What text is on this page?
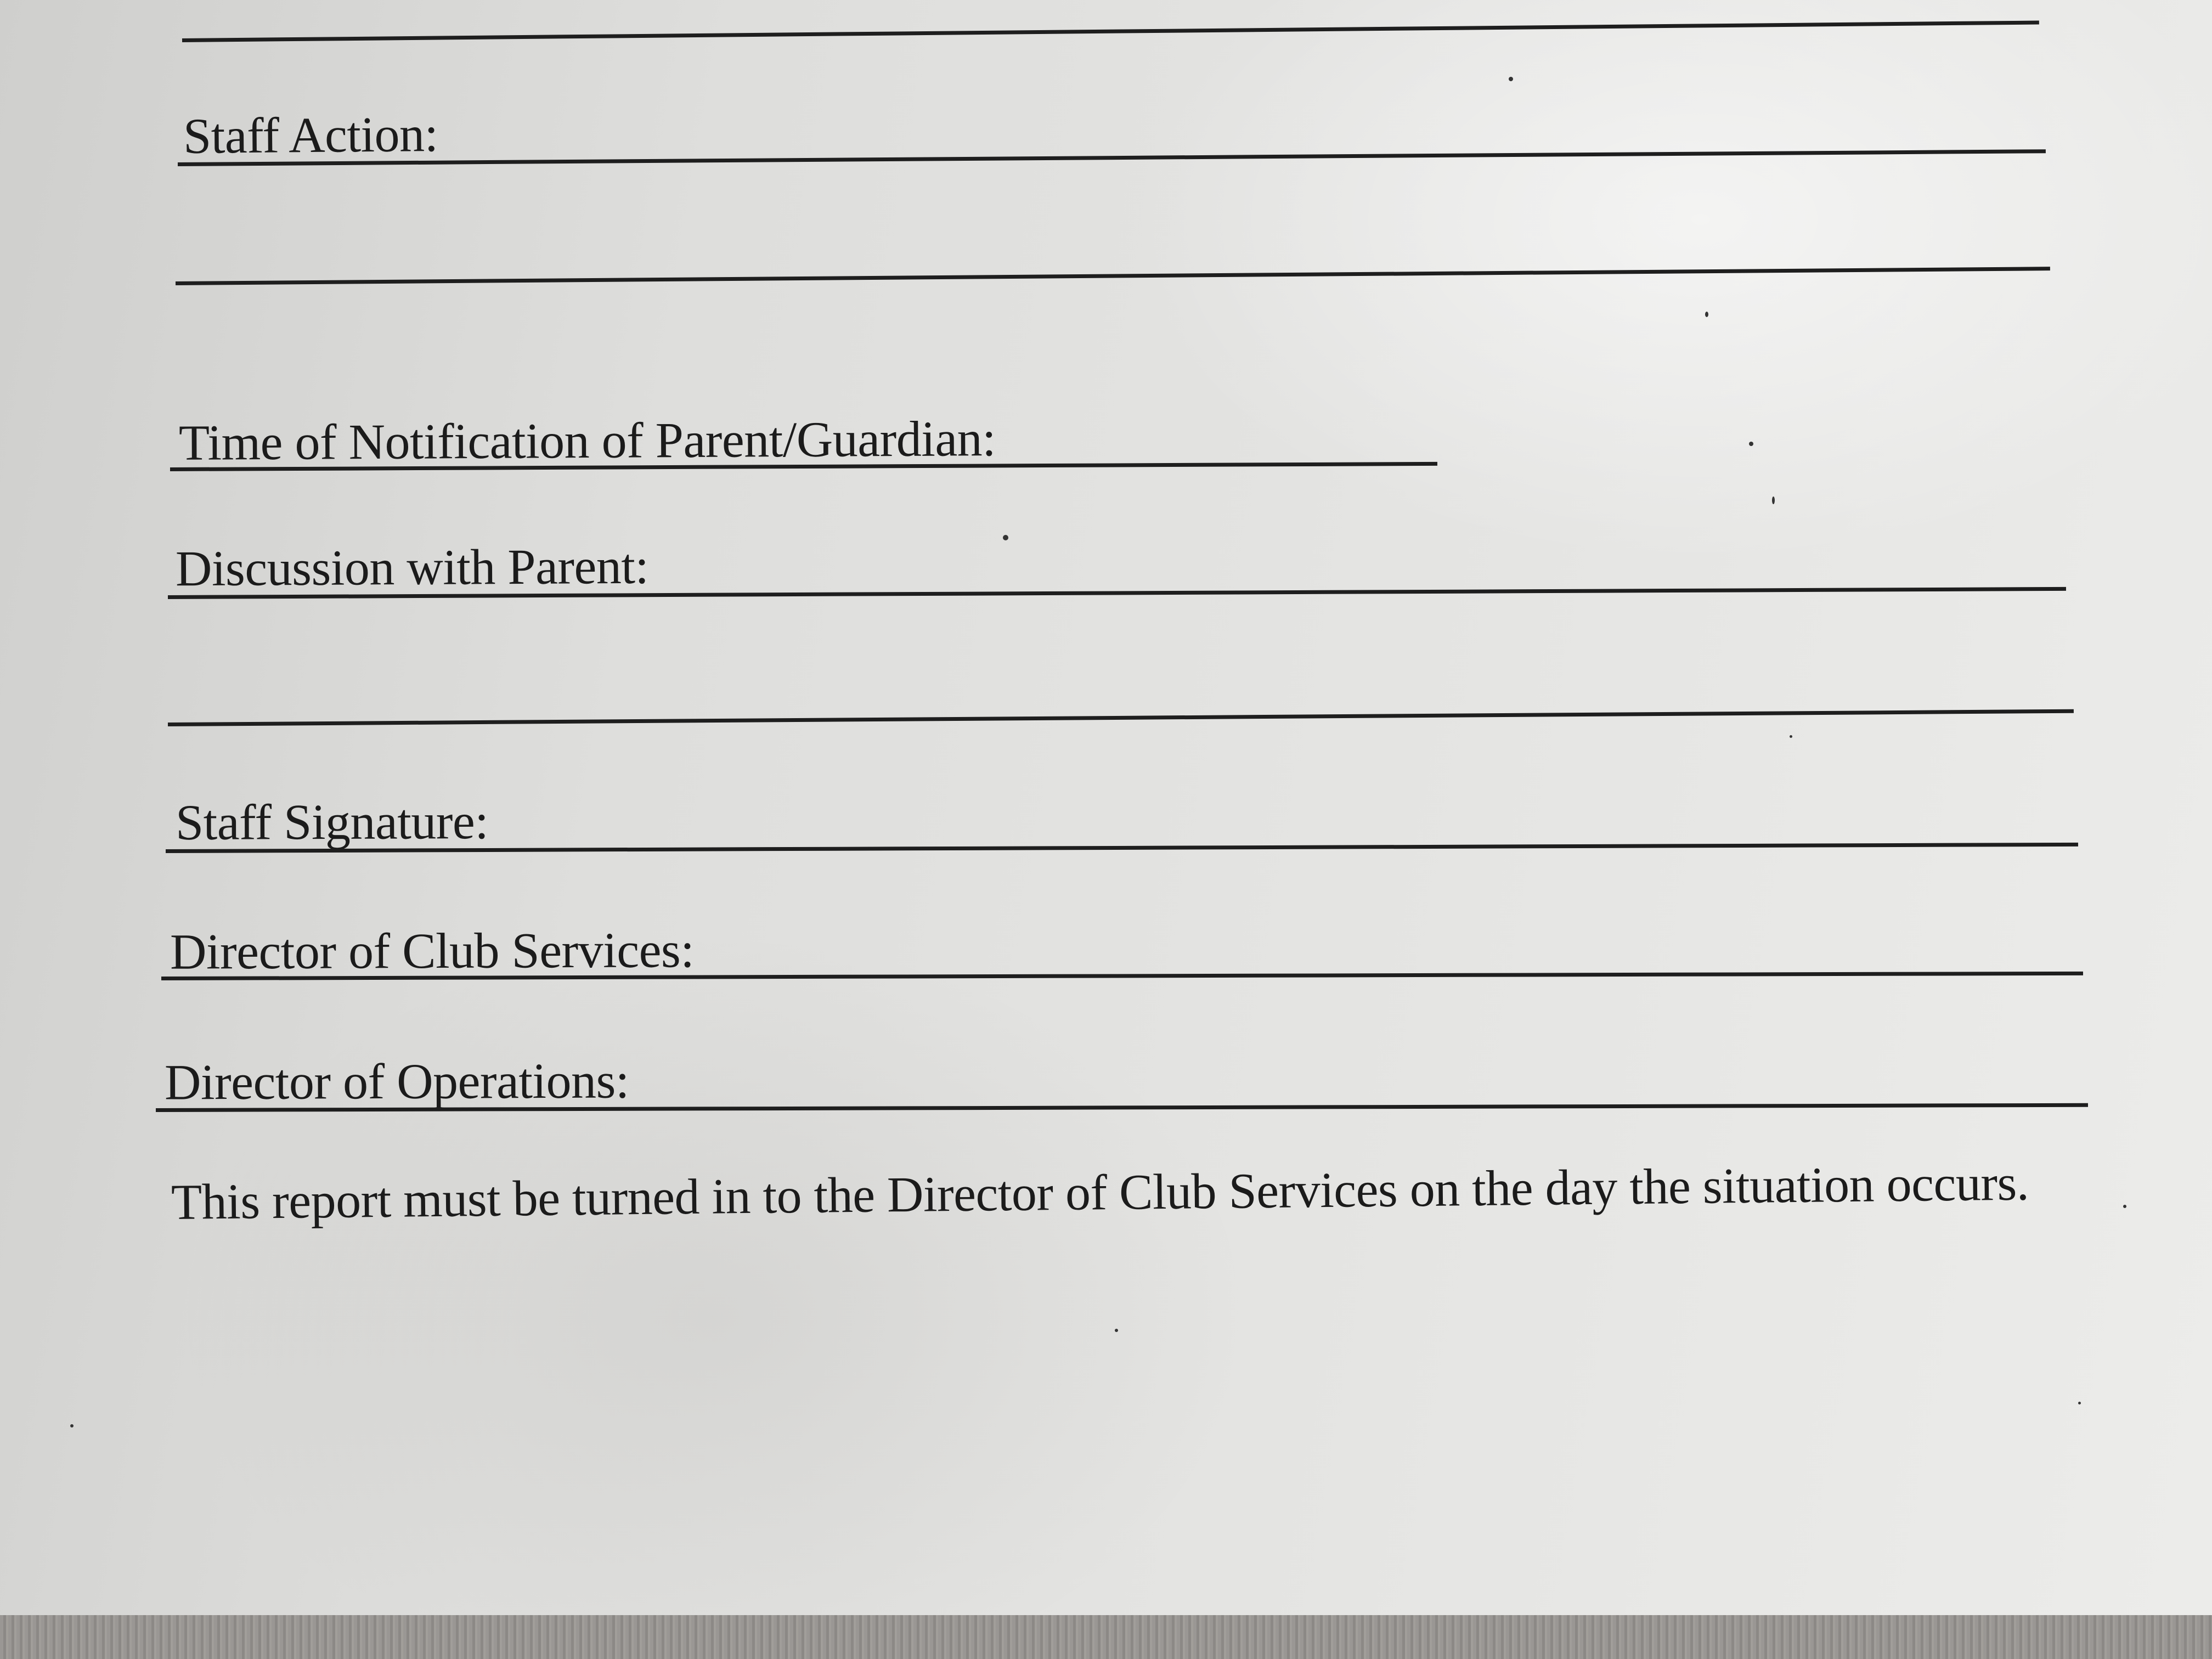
Staff Action:
Time of Notification of Parent/Guardian:
Discussion with Parent:
Staff Signature:
Director of Club Services:
Director of Operations:
This report must be turned in to the Director of Club Services on the day the situation occurs.
